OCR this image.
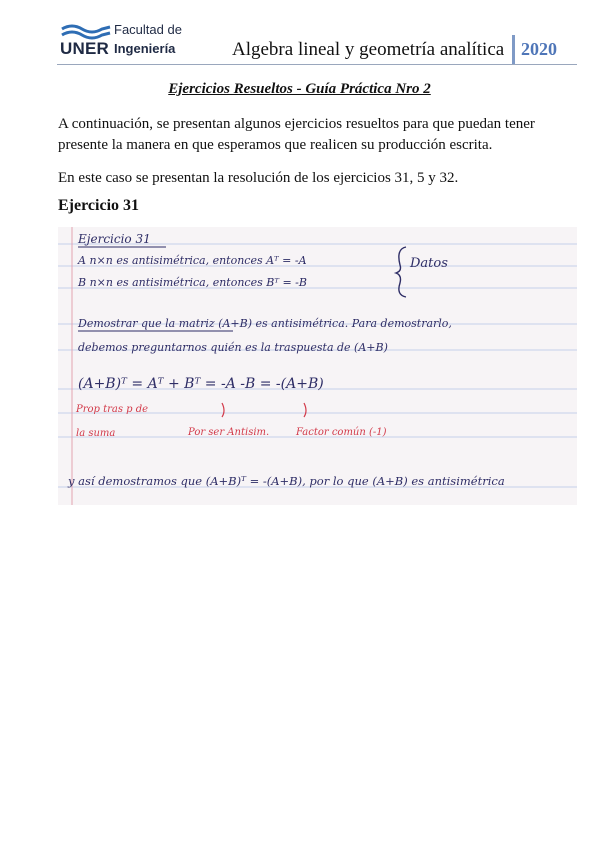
Facultad de
UNER Ingeniería	Algebra lineal y geometría analítica 2020
Ejercicios Resueltos - Guía Práctica Nro 2
A continuación, se presentan algunos ejercicios resueltos para que puedan tener presente la manera en que esperamos que realicen su producción escrita.
En este caso se presentan la resolución de los ejercicios 31, 5 y 32.
Ejercicio 31
Ejercicio 31
A n×n es antisimétrica, entonces Aᵀ = -A
B n×n es antisimétrica, entonces Bᵀ = -B
Datos
Demostrar que la matriz (A+B) es antisimétrica. Para demostrarlo,
debemos preguntarnos quién es la traspuesta de (A+B)
(A+B)ᵀ = Aᵀ + Bᵀ = -A -B = -(A+B)
Prop tras p de
la suma	Por ser Antisim.	Factor común (-1)
y así demostramos que (A+B)ᵀ = -(A+B), por lo que (A+B) es antisimétrica
